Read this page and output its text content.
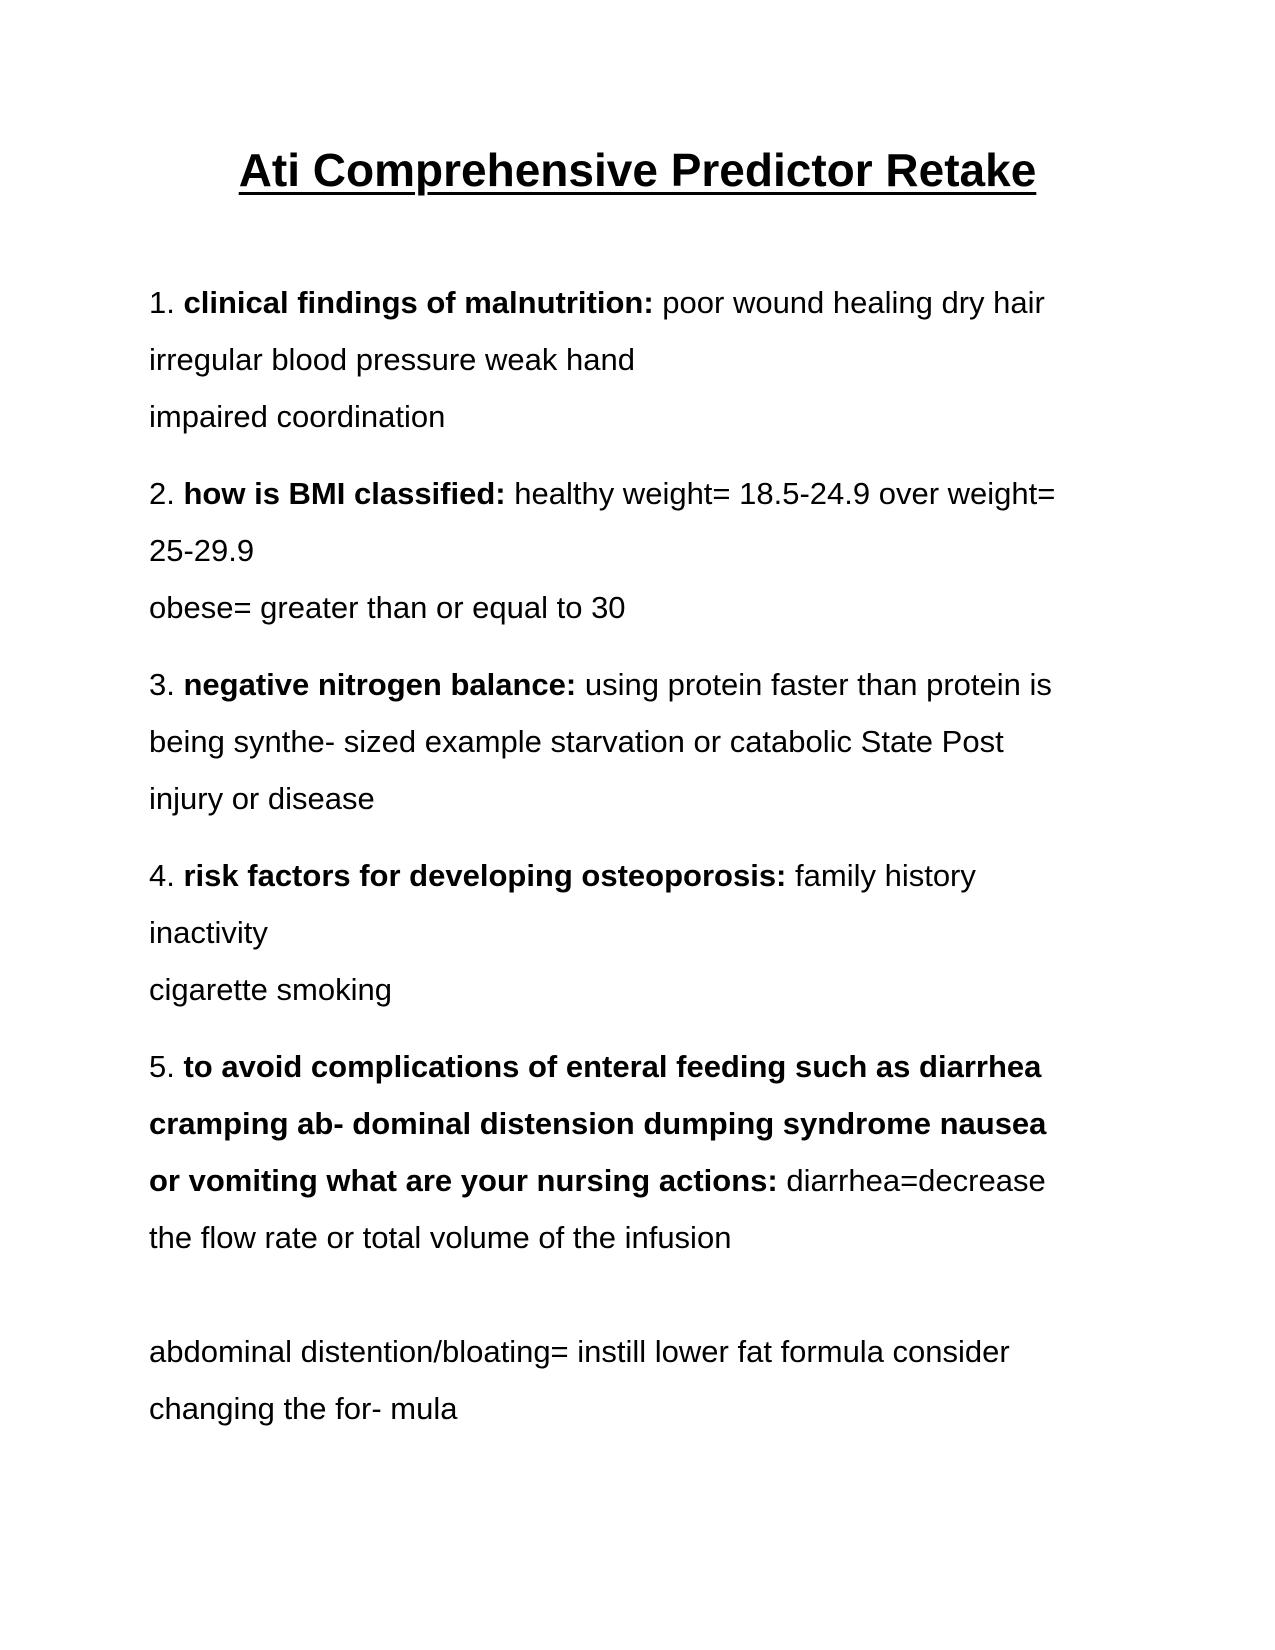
Ati Comprehensive Predictor Retake
1. clinical findings of malnutrition: poor wound healing dry hair
irregular blood pressure weak hand
impaired coordination
2. how is BMI classified: healthy weight= 18.5-24.9 over weight=
25-29.9
obese= greater than or equal to 30
3. negative nitrogen balance: using protein faster than protein is
being synthe- sized example starvation or catabolic State Post
injury or disease
4. risk factors for developing osteoporosis: family history
inactivity
cigarette smoking
5. to avoid complications of enteral feeding such as diarrhea
cramping ab- dominal distension dumping syndrome nausea
or vomiting what are your nursing actions: diarrhea=decrease
the flow rate or total volume of the infusion
abdominal distention/bloating= instill lower fat formula consider
changing the for- mula
